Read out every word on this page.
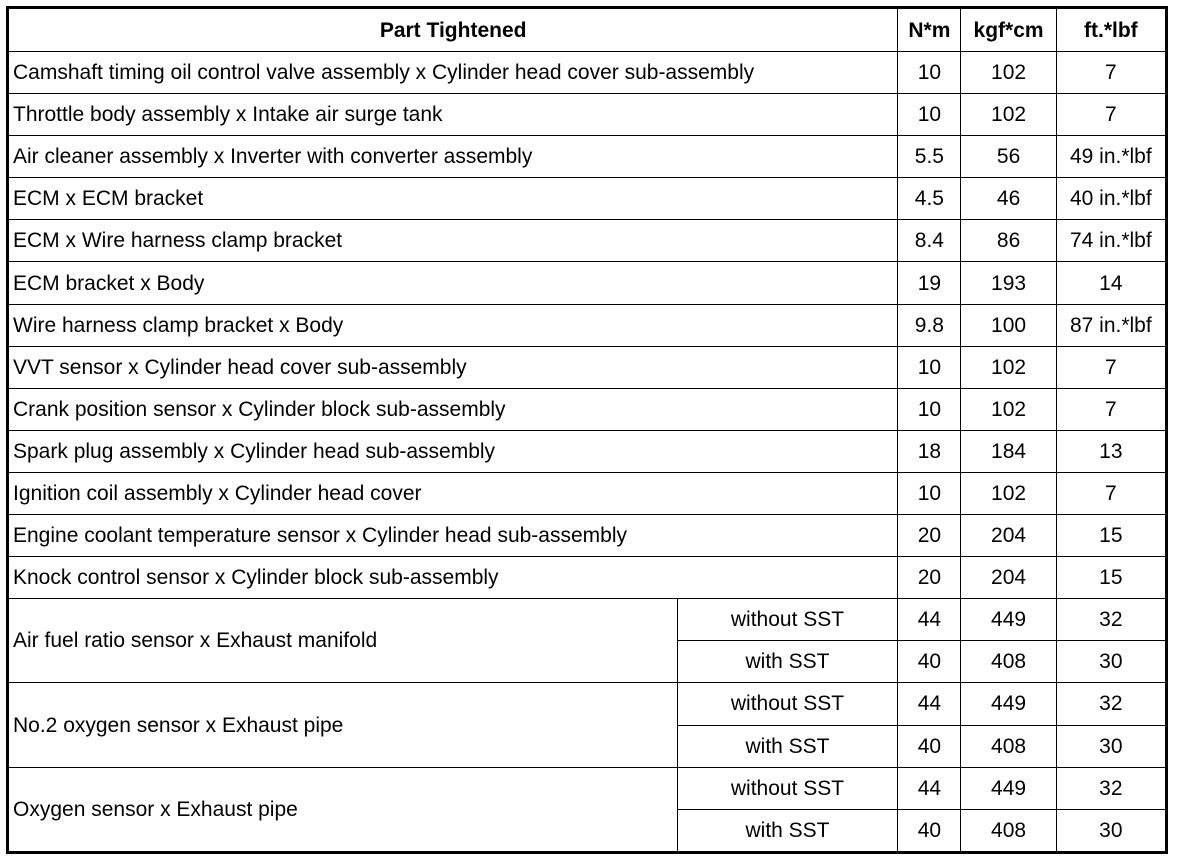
Part Tightened		N*m	kgf*cm	ft.*lbf
Camshaft timing oil control valve assembly x Cylinder head cover sub-assembly		10	102	7
Throttle body assembly x Intake air surge tank		10	102	7
Air cleaner assembly x Inverter with converter assembly		5.5	56	49 in.*lbf
ECM x ECM bracket		4.5	46	40 in.*lbf
ECM x Wire harness clamp bracket		8.4	86	74 in.*lbf
ECM bracket x Body		19	193	14
Wire harness clamp bracket x Body		9.8	100	87 in.*lbf
VVT sensor x Cylinder head cover sub-assembly		10	102	7
Crank position sensor x Cylinder block sub-assembly		10	102	7
Spark plug assembly x Cylinder head sub-assembly		18	184	13
Ignition coil assembly x Cylinder head cover		10	102	7
Engine coolant temperature sensor x Cylinder head sub-assembly		20	204	15
Knock control sensor x Cylinder block sub-assembly		20	204	15
Air fuel ratio sensor x Exhaust manifold	without SST	44	449	32
	with SST	40	408	30
No.2 oxygen sensor x Exhaust pipe	without SST	44	449	32
	with SST	40	408	30
Oxygen sensor x Exhaust pipe	without SST	44	449	32
	with SST	40	408	30
